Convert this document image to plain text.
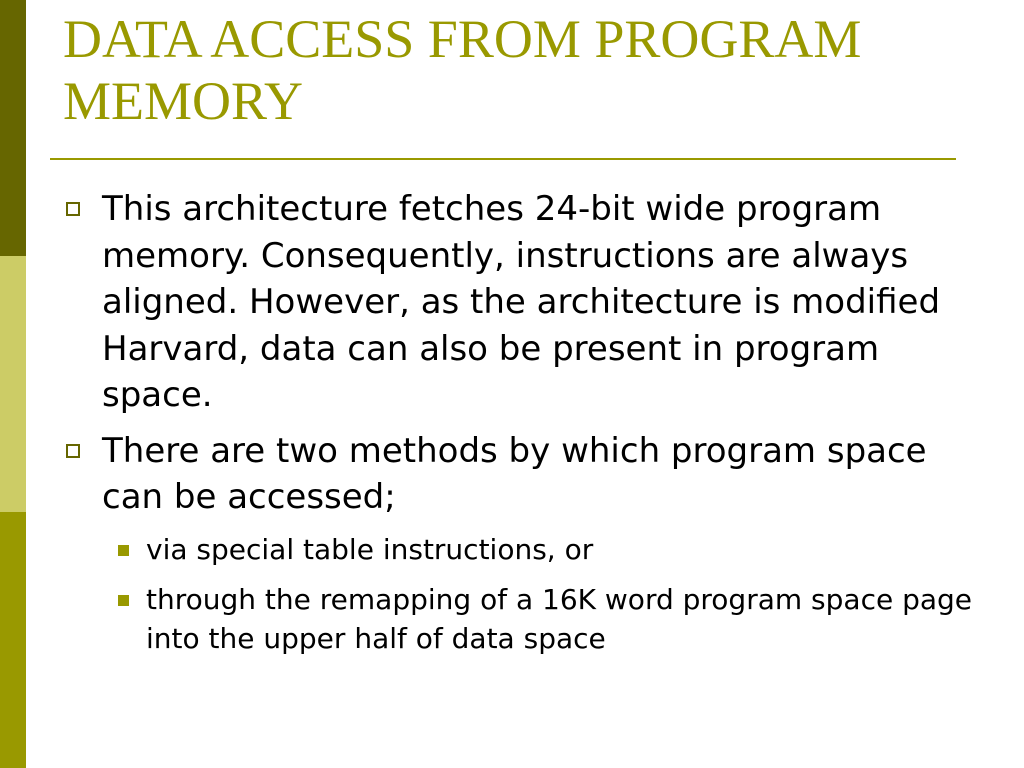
DATA ACCESS FROM PROGRAM MEMORY
This architecture fetches 24-bit wide program memory. Consequently, instructions are always aligned. However, as the architecture is modified Harvard, data can also be present in program space.
There are two methods by which program space can be accessed;
via special table instructions, or
through the remapping of a 16K word program space page into the upper half of data space
